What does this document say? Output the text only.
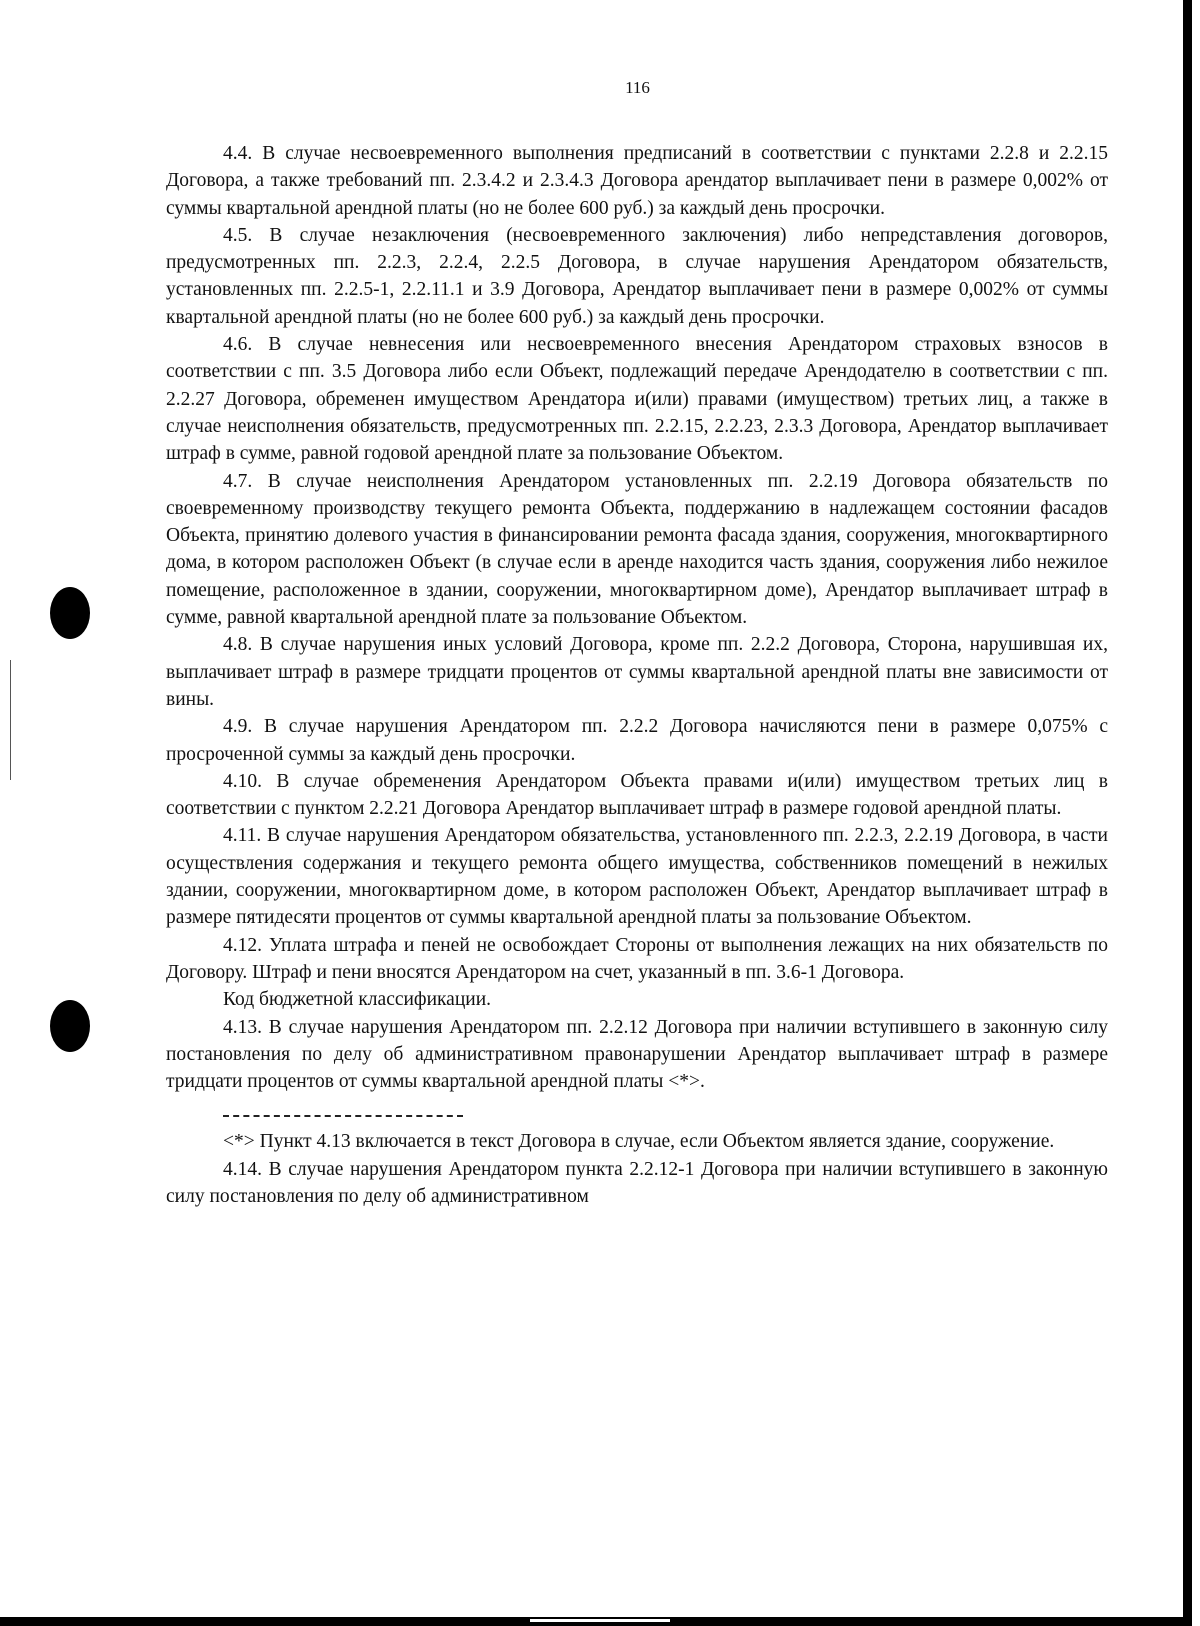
116

4.4. В случае несвоевременного выполнения предписаний в соответствии с пунктами 2.2.8 и 2.2.15 Договора, а также требований пп. 2.3.4.2 и 2.3.4.3 Договора арендатор выплачивает пени в размере 0,002% от суммы квартальной арендной платы (но не более 600 руб.) за каждый день просрочки.

4.5. В случае незаключения (несвоевременного заключения) либо непредставления договоров, предусмотренных пп. 2.2.3, 2.2.4, 2.2.5 Договора, в случае нарушения Арендатором обязательств, установленных пп. 2.2.5-1, 2.2.11.1 и 3.9 Договора, Арендатор выплачивает пени в размере 0,002% от суммы квартальной арендной платы (но не более 600 руб.) за каждый день просрочки.

4.6. В случае невнесения или несвоевременного внесения Арендатором страховых взносов в соответствии с пп. 3.5 Договора либо если Объект, подлежащий передаче Арендодателю в соответствии с пп. 2.2.27 Договора, обременен имуществом Арендатора и(или) правами (имуществом) третьих лиц, а также в случае неисполнения обязательств, предусмотренных пп. 2.2.15, 2.2.23, 2.3.3 Договора, Арендатор выплачивает штраф в сумме, равной годовой арендной плате за пользование Объектом.

4.7. В случае неисполнения Арендатором установленных пп. 2.2.19 Договора обязательств по своевременному производству текущего ремонта Объекта, поддержанию в надлежащем состоянии фасадов Объекта, принятию долевого участия в финансировании ремонта фасада здания, сооружения, многоквартирного дома, в котором расположен Объект (в случае если в аренде находится часть здания, сооружения либо нежилое помещение, расположенное в здании, сооружении, многоквартирном доме), Арендатор выплачивает штраф в сумме, равной квартальной арендной плате за пользование Объектом.

4.8. В случае нарушения иных условий Договора, кроме пп. 2.2.2 Договора, Сторона, нарушившая их, выплачивает штраф в размере тридцати процентов от суммы квартальной арендной платы вне зависимости от вины.

4.9. В случае нарушения Арендатором пп. 2.2.2 Договора начисляются пени в размере 0,075% с просроченной суммы за каждый день просрочки.

4.10. В случае обременения Арендатором Объекта правами и(или) имуществом третьих лиц в соответствии с пунктом 2.2.21 Договора Арендатор выплачивает штраф в размере годовой арендной платы.

4.11. В случае нарушения Арендатором обязательства, установленного пп. 2.2.3, 2.2.19 Договора, в части осуществления содержания и текущего ремонта общего имущества, собственников помещений в нежилых здании, сооружении, многоквартирном доме, в котором расположен Объект, Арендатор выплачивает штраф в размере пятидесяти процентов от суммы квартальной арендной платы за пользование Объектом.

4.12. Уплата штрафа и пеней не освобождает Стороны от выполнения лежащих на них обязательств по Договору. Штраф и пени вносятся Арендатором на счет, указанный в пп. 3.6-1 Договора.

Код бюджетной классификации.

4.13. В случае нарушения Арендатором пп. 2.2.12 Договора при наличии вступившего в законную силу постановления по делу об административном правонарушении Арендатор выплачивает штраф в размере тридцати процентов от суммы квартальной арендной платы <*>.

<*> Пункт 4.13 включается в текст Договора в случае, если Объектом является здание, сооружение.

4.14. В случае нарушения Арендатором пункта 2.2.12-1 Договора при наличии вступившего в законную силу постановления по делу об административном
